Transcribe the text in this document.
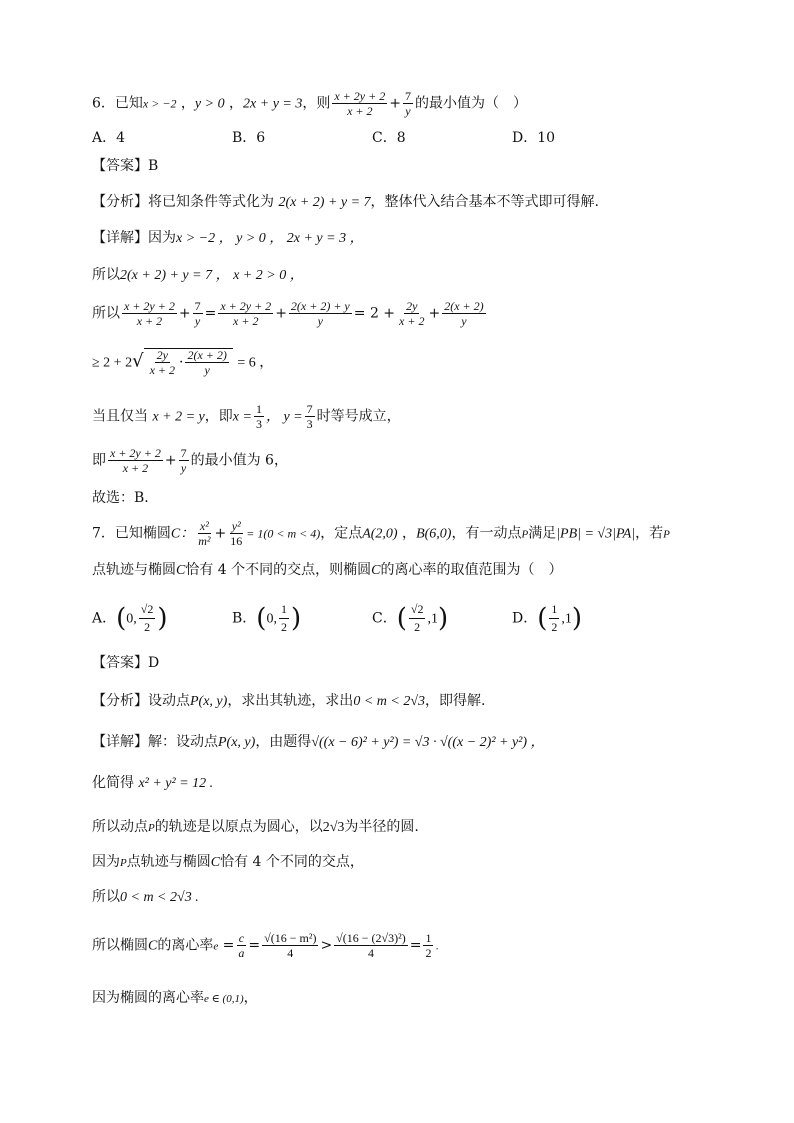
6．已知x > −2 ，y > 0 ，2x + y = 3，则 $\frac{x + 2y + 2}{x + 2} + \frac{7}{y}$ 的最小值为（　）
A．4	B．6	C．8	D．10
【答案】B
【分析】将已知条件等式化为 2(x + 2) + y = 7，整体代入结合基本不等式即可得解.
【详解】因为x > −2 ， y > 0 ， 2x + y = 3 ，
所以2(x + 2) + y = 7 ， x + 2 > 0 ，
所以 $\frac{x + 2y + 2}{x + 2} + \frac{7}{y} = \frac{x + 2y + 2}{x + 2} + \frac{2(x + 2) + y}{y} = 2 + \frac{2y}{x + 2} + \frac{2(x + 2)}{y}$
≥ $2 + 2√ \frac{2y}{x + 2} \cdot \frac{2(x + 2)}{y} = 6$ ，
当且仅当 x + 2 = y，即$x = \frac{1}{3}$ ， $y = \frac{7}{3}$ 时等号成立，
即 $\frac{x + 2y + 2}{x + 2} + \frac{7}{y}$ 的最小值为 6，
故选：B.
7．已知椭圆C： $\frac{\text{x²}}{\text{m²}} + \frac{\text{y²}}{16} = 1(0 < m < 4)$，定点A(2,0) ，B(6,0)，有一动点P满足|PB| = √3|PA|，若P
点轨迹与椭圆C恰有 4 个不同的交点，则椭圆C的离心率的取值范围为（　）
A．(0, $\frac{√2}{2}$ )	B．(0, $\frac{1}{2}$ )	C．( $\frac{√2}{2} ,1$)	D．( $\frac{1}{2} ,1$)
【答案】D
【分析】设动点P(x, y)，求出其轨迹，求出0 < m < 2√3，即得解.
【详解】解：设动点P(x, y)，由题得√((x − 6)² + y²) = √3 · √((x − 2)² + y²) ，
化简得 x² + y² = 12 .
所以动点P的轨迹是以原点为圆心，以2√3为半径的圆.
因为P点轨迹与椭圆C恰有 4 个不同的交点，
所以0 < m < 2√3 .
所以椭圆C的离心率$e = \frac{c}{a} = \frac{\text{√(16 − m²)}}{4} > \frac{\text{√(16 − (2√3)²)}}{4} = \frac{1}{2}$ .
因为椭圆的离心率e ∈ (0,1)，
